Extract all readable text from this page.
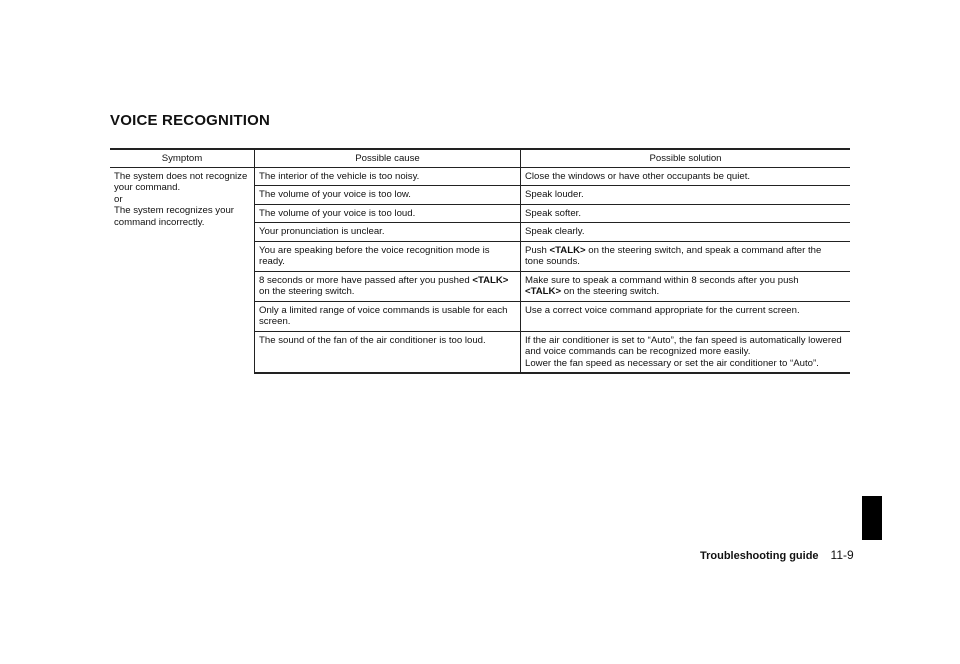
VOICE RECOGNITION
Symptom	Possible cause	Possible solution

The system does not recognize
your command.
or
The system recognizes your
command incorrectly.	The interior of the vehicle is too noisy.	Close the windows or have other occupants be quiet.
	The volume of your voice is too low.	Speak louder.
	The volume of your voice is too loud.	Speak softer.
	Your pronunciation is unclear.	Speak clearly.
	You are speaking before the voice recognition mode is ready.	Push <TALK> on the steering switch, and speak a command after the
tone sounds.

	8 seconds or more have passed after you pushed <TALK>
on the steering switch.	Make sure to speak a command within 8 seconds after you push
<TALK> on the steering switch.

	Only a limited range of voice commands is usable for each
screen.	Use a correct voice command appropriate for the current screen.
	The sound of the fan of the air conditioner is too loud.	If the air conditioner is set to “Auto”, the fan speed is automatically lowered
and voice commands can be recognized more easily.
Lower the fan speed as necessary or set the air conditioner to “Auto”.
Troubleshooting guide 11-9
